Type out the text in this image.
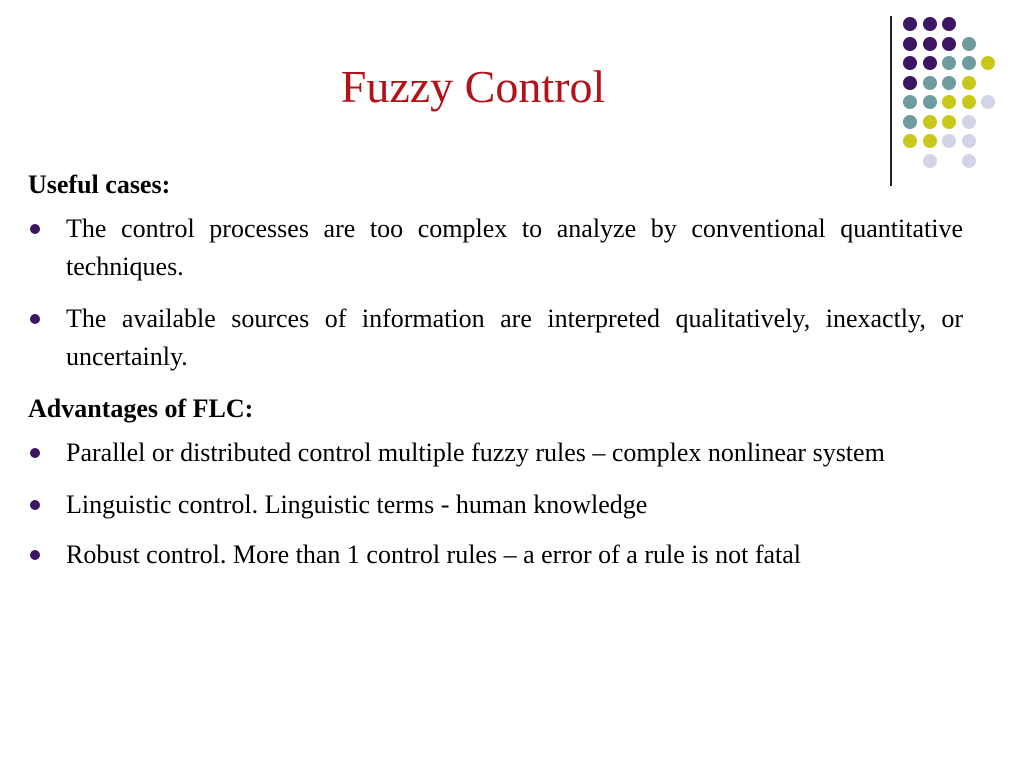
Fuzzy Control
Useful cases:
The control processes are too complex to analyze by conventional quantitative techniques.
The available sources of information are interpreted qualitatively, inexactly, or uncertainly.
Advantages of FLC:
Parallel or distributed control multiple fuzzy rules – complex nonlinear system
Linguistic control. Linguistic terms - human knowledge
Robust control. More than 1 control rules – a error of a rule is not fatal
